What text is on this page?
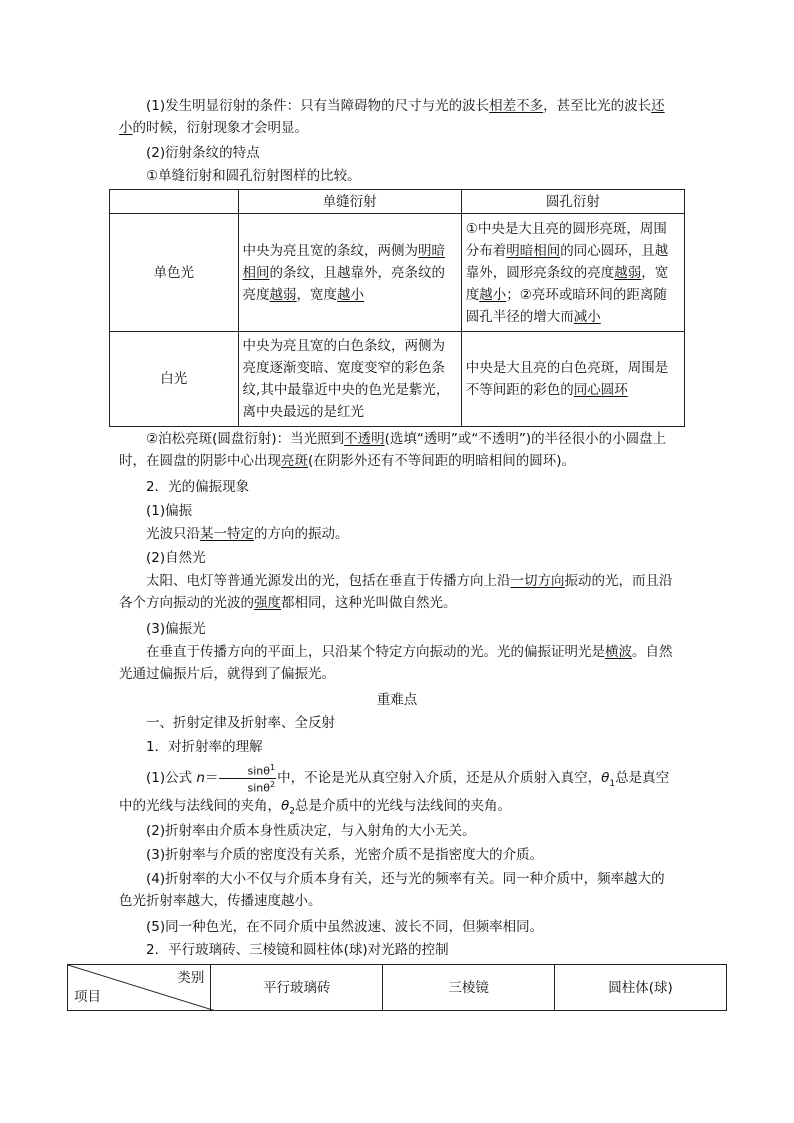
(1)发生明显衍射的条件：只有当障碍物的尺寸与光的波长相差不多，甚至比光的波长还小的时候，衍射现象才会明显。
(2)衍射条纹的特点
①单缝衍射和圆孔衍射图样的比较。
	单缝衍射	圆孔衍射
单色光	中央为亮且宽的条纹，两侧为明暗相间的条纹，且越靠外，亮条纹的亮度越弱，宽度越小	①中央是大且亮的圆形亮斑，周围分布着明暗相间的同心圆环，且越靠外，圆形亮条纹的亮度越弱，宽度越小；②亮环或暗环间的距离随圆孔半径的增大而减小
白光	中央为亮且宽的白色条纹，两侧为亮度逐渐变暗、宽度变窄的彩色条纹,其中最靠近中央的色光是紫光，离中央最远的是红光	中央是大且亮的白色亮斑，周围是不等间距的彩色的同心圆环
②泊松亮斑(圆盘衍射)：当光照到不透明(选填“透明”或“不透明”)的半径很小的小圆盘上时，在圆盘的阴影中心出现亮斑(在阴影外还有不等间距的明暗相间的圆环)。
2．光的偏振现象
(1)偏振
光波只沿某一特定的方向的振动。
(2)自然光
太阳、电灯等普通光源发出的光，包括在垂直于传播方向上沿一切方向振动的光，而且沿各个方向振动的光波的强度都相同，这种光叫做自然光。
(3)偏振光
在垂直于传播方向的平面上，只沿某个特定方向振动的光。光的偏振证明光是横波。自然光通过偏振片后，就得到了偏振光。
重难点
一、折射定律及折射率、全反射
1．对折射率的理解
(1)公式 $n= \frac{\sin\theta^1}{\sin\theta^2}$ 中，不论是光从真空射入介质，还是从介质射入真空，$\theta_1$总是真空中的光线与法线间的夹角，$\theta_2$总是介质中的光线与法线间的夹角。
(2)折射率由介质本身性质决定，与入射角的大小无关。
(3)折射率与介质的密度没有关系，光密介质不是指密度大的介质。
(4)折射率的大小不仅与介质本身有关，还与光的频率有关。同一种介质中，频率越大的色光折射率越大，传播速度越小。
(5)同一种色光，在不同介质中虽然波速、波长不同，但频率相同。
2．平行玻璃砖、三棱镜和圆柱体(球)对光路的控制
类别
项目
	平行玻璃砖	三棱镜	圆柱体(球)
